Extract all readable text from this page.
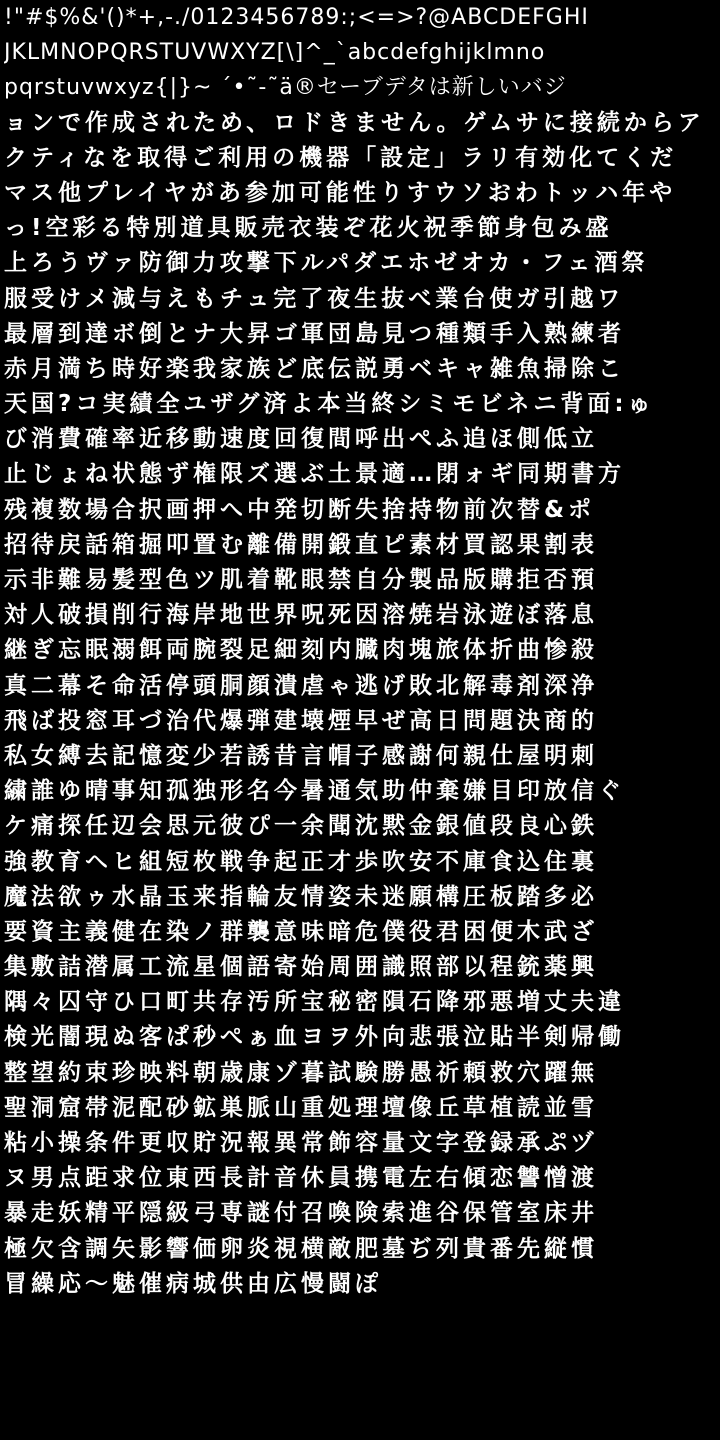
!"#$%&'()*+,-./0123456789:;<=>?@ABCDEFGHI
JKLMNOPQRSTUVWXYZ[\]^_`abcdefghijklmno
pqrstuvwxyz{|}~ ´•˜-˜ä®セーブデタは新しいバジ
ョンで作成されため、ロドきません。ゲムサに接続からア
クティなを取得ご利用の機器「設定」ラリ有効化てくだ
マス他プレイヤがあ参加可能性りすウソおわトッハ年や
っ!空彩る特別道具販売衣装ぞ花火祝季節身包み盛
上ろうヴァ防御力攻撃下ルパダエホゼオカ・フェ酒祭
服受けメ減与えもチュ完了夜生抜べ業台使ガ引越ワ
最層到達ボ倒とナ大昇ゴ軍団島見つ種類手入熟練者
赤月満ち時好楽我家族ど底伝説勇ベキャ雑魚掃除こ
天国?コ実績全ユザグ済よ本当終シミモビネニ背面:ゅ
び消費確率近移動速度回復間呼出ぺふ追ほ側低立
止じょね状態ず権限ズ選ぶ土景適…閉ォギ同期書方
残複数場合択画押へ中発切断失捨持物前次替&ポ
招待戻話箱掘叩置む離備開鍛直ピ素材買認果割表
示非難易髪型色ツ肌着靴眼禁自分製品版購拒否預
対人破損削行海岸地世界呪死因溶焼岩泳遊ぼ落息
継ぎ忘眠溺餌両腕裂足細刻内臓肉塊旅体折曲惨殺
真二幕そ命活停頭胴顔潰虐ゃ逃げ敗北解毒剤深浄
飛ば投窓耳づ治代爆弾建壊煙早ぜ高日問題決商的
私女縛去記憶変少若誘昔言帽子感謝何親仕屋明刺
繍誰ゆ晴事知孤独形名今暑通気助仲棄嫌目印放信ぐ
ケ痛探任辺会思元彼ぴ一余聞沈黙金銀値段良心鉄
強教育ヘヒ組短枚戦争起正才歩吹安不庫食込住裏
魔法欲ゥ水晶玉来指輪友情姿未迷願構圧板踏多必
要資主義健在染ノ群襲意味暗危僕役君困便木武ざ
集敷詰潜属工流星個語寄始周囲識照部以程銃薬興
隅々囚守ひ口町共存汚所宝秘密隕石降邪悪増丈夫違
検光闇現ぬ客ぱ秒ぺぁ血ヨヲ外向悲張泣貼半剣帰働
整望約束珍映料朝歳康ゾ暮試験勝愚祈頼救穴躍無
聖洞窟帯泥配砂鉱巣脈山重処理壇像丘草植読並雪
粘小操条件更収貯況報異常飾容量文字登録承ぷヅ
ヌ男点距求位東西長計音休員携電左右傾恋讐憎渡
暴走妖精平隠級弓専謎付召喚険索進谷保管室床井
極欠含調矢影響価卵炎視横敵肥墓ぢ列貴番先縦慣
冒繰応～魅催病城供由広慢闘ぽ
